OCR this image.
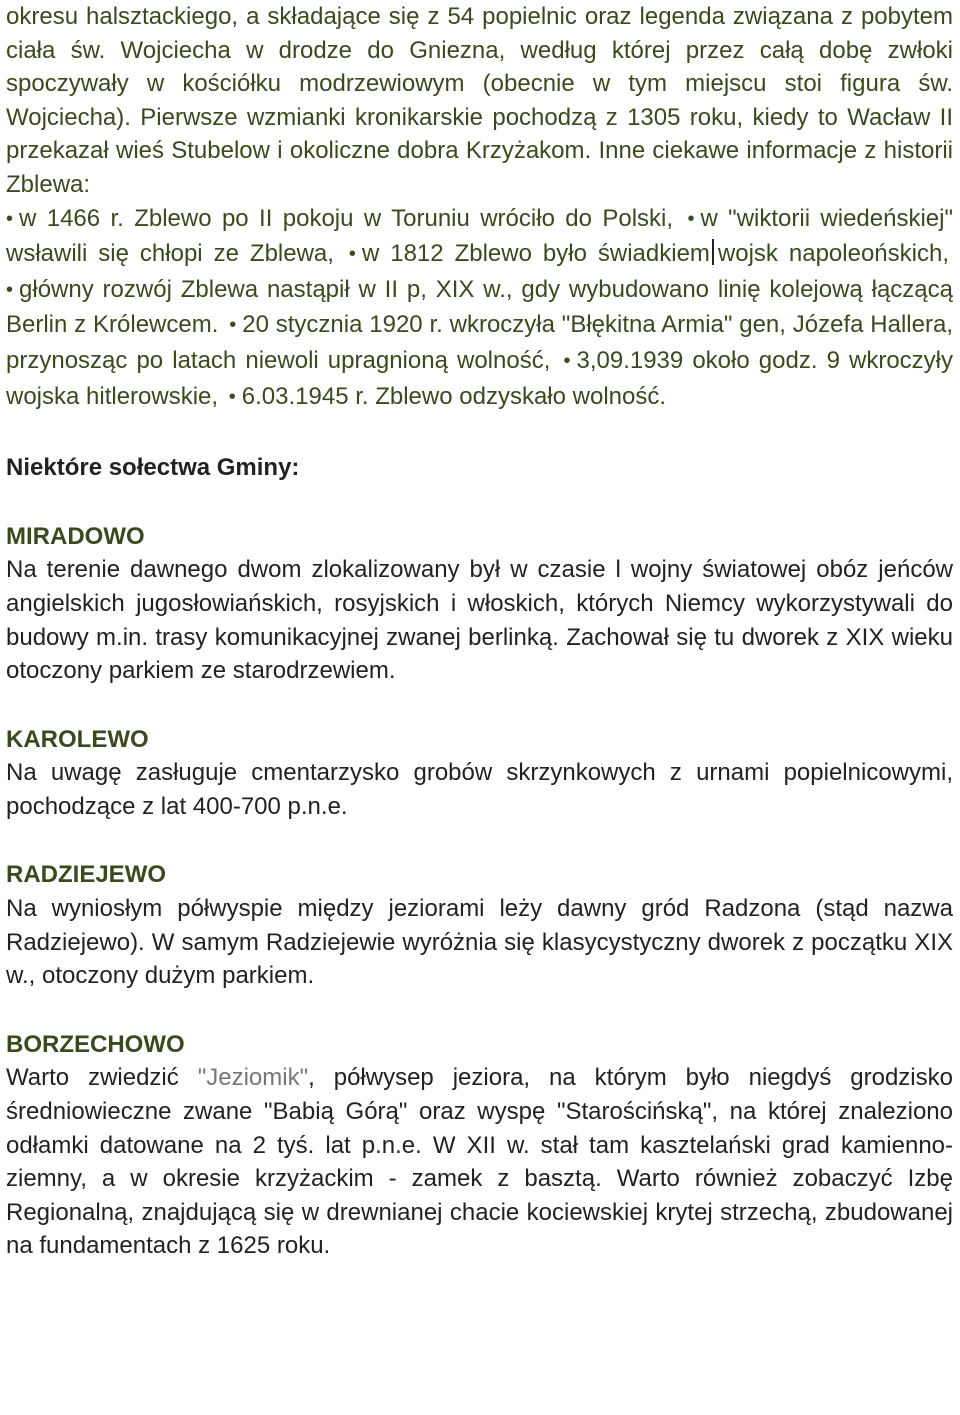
okresu halsztackiego, a składające się z 54 popielnic oraz legenda związana z pobytem ciała św. Wojciecha w drodze do Gniezna, według której przez całą dobę zwłoki spoczywały w kościółku modrzewiowym (obecnie w tym miejscu stoi figura św. Wojciecha). Pierwsze wzmianki kronikarskie pochodzą z 1305 roku, kiedy to Wacław II przekazał wieś Stubelow i okoliczne dobra Krzyżakom. Inne ciekawe informacje z historii Zblewa:
• w 1466 r. Zblewo po II pokoju w Toruniu wróciło do Polski, • w "wiktorii wiedeńskiej" wsławili się chłopi ze Zblewa, • w 1812 Zblewo było świadkiem wojsk napoleońskich, • główny rozwój Zblewa nastąpił w II p, XIX w., gdy wybudowano linię kolejową łączącą Berlin z Królewcem. • 20 stycznia 1920 r. wkroczyła "Błękitna Armia" gen, Józefa Hallera, przynosząc po latach niewoli upragnioną wolność, • 3,09.1939 około godz. 9 wkroczyły wojska hitlerowskie, • 6.03.1945 r. Zblewo odzyskało wolność.

Niektóre sołectwa Gminy:

MIRADOWO

Na terenie dawnego dwom zlokalizowany był w czasie l wojny światowej obóz jeńców angielskich jugosłowiańskich, rosyjskich i włoskich, których Niemcy wykorzystywali do budowy m.in. trasy komunikacyjnej zwanej berlinką. Zachował się tu dworek z XIX wieku otoczony parkiem ze starodrzewiem.

KAROLEWO

Na uwagę zasługuje cmentarzysko grobów skrzynkowych z urnami popielnicowymi, pochodzące z lat 400-700 p.n.e.

RADZIEJEWO

Na wyniosłym półwyspie między jeziorami leży dawny gród Radzona (stąd nazwa Radziejewo). W samym Radziejewie wyróżnia się klasycystyczny dworek z początku XIX w., otoczony dużym parkiem.

BORZECHOWO

Warto zwiedzić "Jeziomik", półwysep jeziora, na którym było niegdyś grodzisko średniowieczne zwane "Babią Górą" oraz wyspę "Starościńską", na której znaleziono odłamki datowane na 2 tyś. lat p.n.e. W XII w. stał tam kasztelański grad kamienno-ziemny, a w okresie krzyżackim - zamek z basztą. Warto również zobaczyć Izbę Regionalną, znajdującą się w drewnianej chacie kociewskiej krytej strzechą, zbudowanej na fundamentach z 1625 roku.
